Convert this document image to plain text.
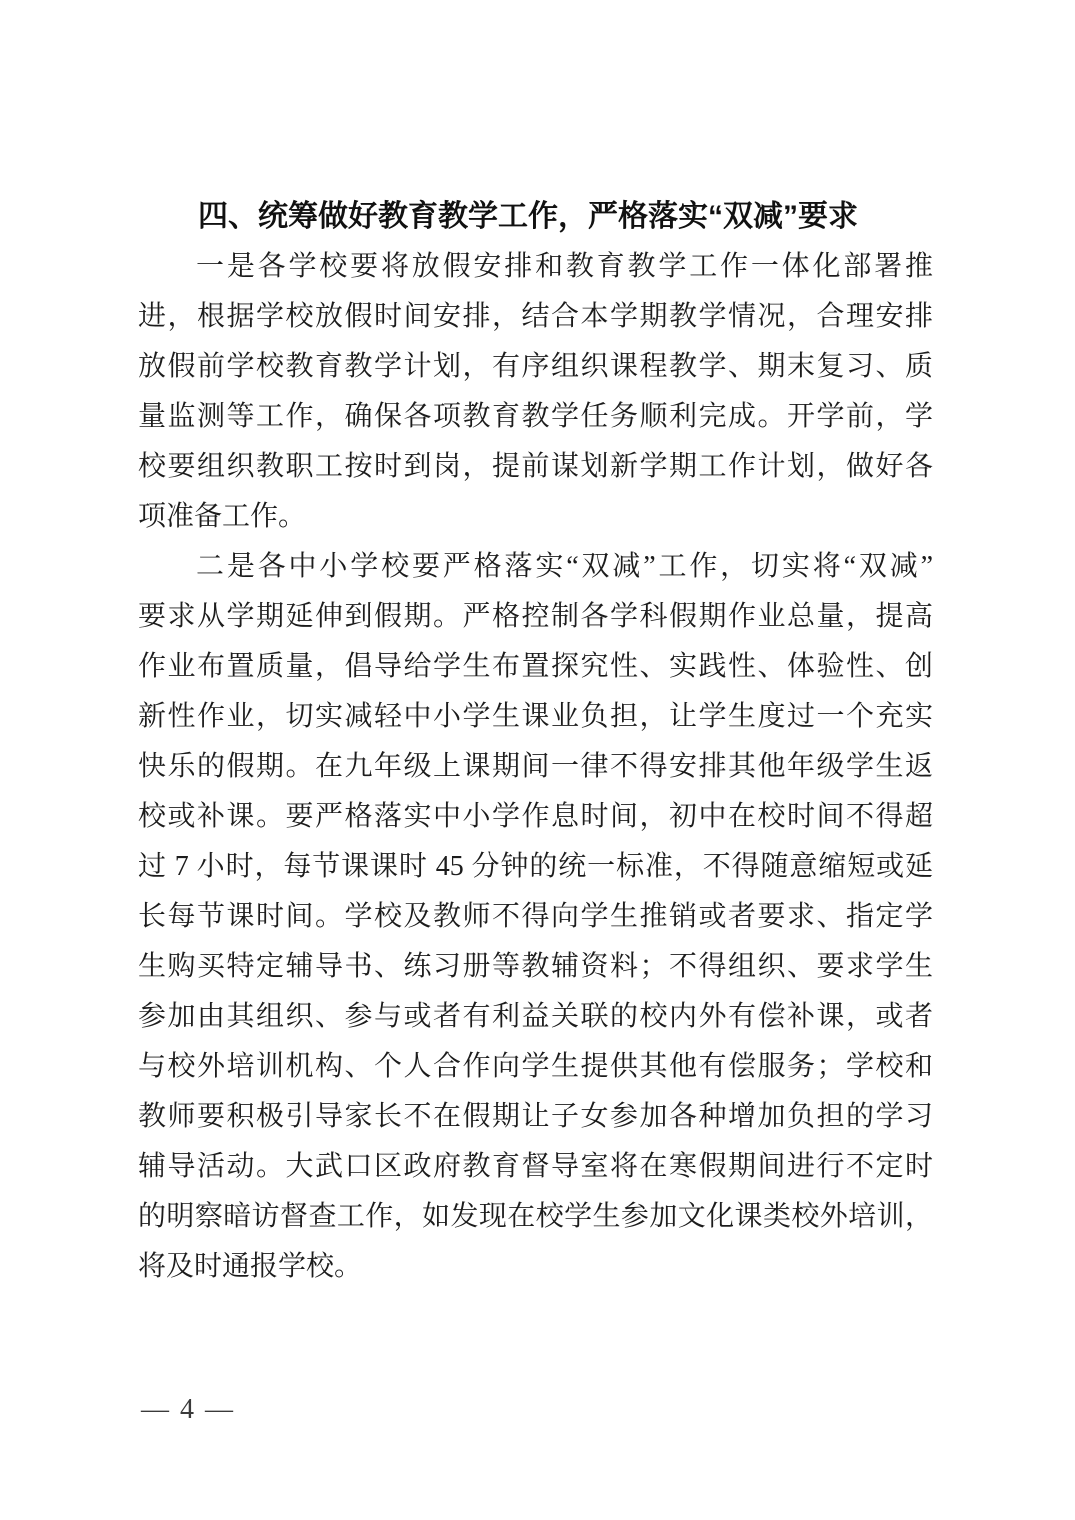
四、统筹做好教育教学工作，严格落实“双减”要求
一是各学校要将放假安排和教育教学工作一体化部署推
进，根据学校放假时间安排，结合本学期教学情况，合理安排
放假前学校教育教学计划，有序组织课程教学、期末复习、质
量监测等工作，确保各项教育教学任务顺利完成。开学前，学
校要组织教职工按时到岗，提前谋划新学期工作计划，做好各
项准备工作。
二是各中小学校要严格落实“双减”工作，切实将“双减”
要求从学期延伸到假期。严格控制各学科假期作业总量，提高
作业布置质量，倡导给学生布置探究性、实践性、体验性、创
新性作业，切实减轻中小学生课业负担，让学生度过一个充实
快乐的假期。在九年级上课期间一律不得安排其他年级学生返
校或补课。要严格落实中小学作息时间，初中在校时间不得超
过 7 小时，每节课课时 45 分钟的统一标准，不得随意缩短或延
长每节课时间。学校及教师不得向学生推销或者要求、指定学
生购买特定辅导书、练习册等教辅资料；不得组织、要求学生
参加由其组织、参与或者有利益关联的校内外有偿补课，或者
与校外培训机构、个人合作向学生提供其他有偿服务；学校和
教师要积极引导家长不在假期让子女参加各种增加负担的学习
辅导活动。大武口区政府教育督导室将在寒假期间进行不定时
的明察暗访督查工作，如发现在校学生参加文化课类校外培训，
将及时通报学校。
— 4 —
